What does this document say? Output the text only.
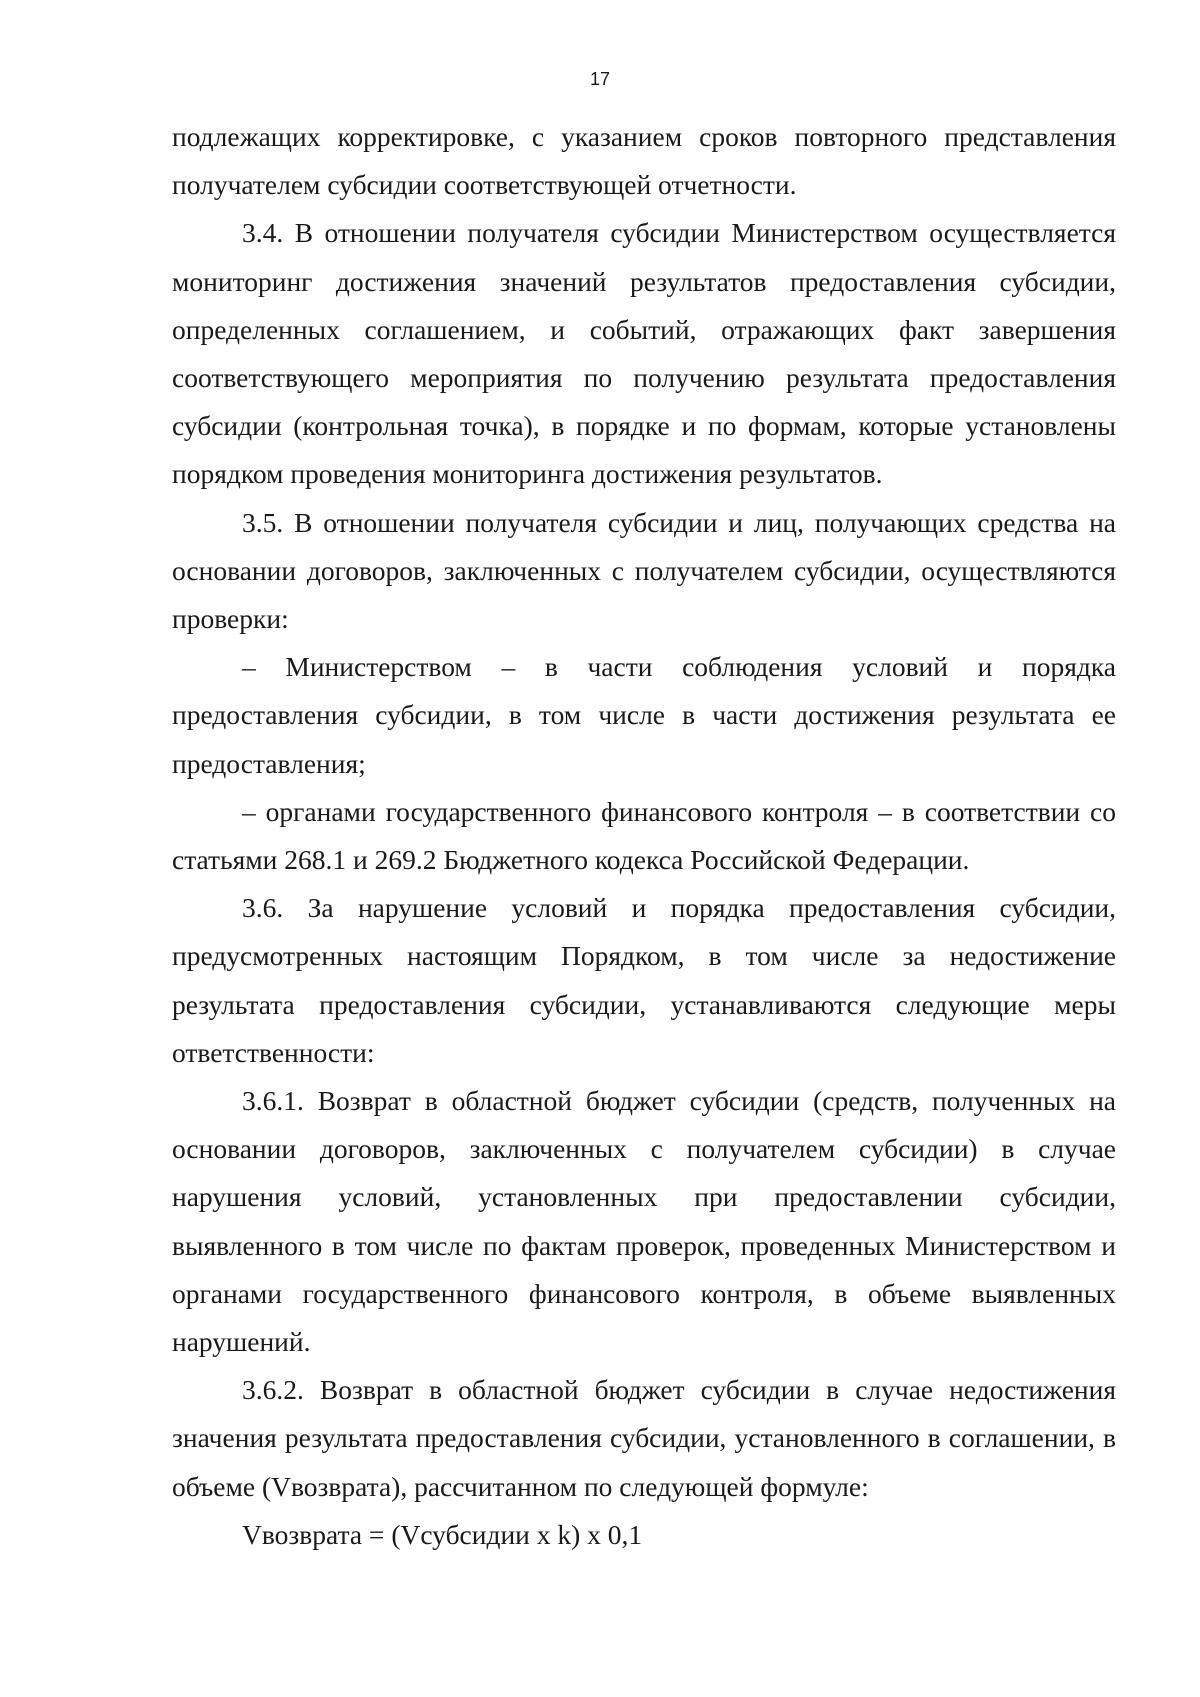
17

подлежащих корректировке, с указанием сроков повторного представления получателем субсидии соответствующей отчетности.

3.4. В отношении получателя субсидии Министерством осуществляется мониторинг достижения значений результатов предоставления субсидии, определенных соглашением, и событий, отражающих факт завершения соответствующего мероприятия по получению результата предоставления субсидии (контрольная точка), в порядке и по формам, которые установлены порядком проведения мониторинга достижения результатов.

3.5. В отношении получателя субсидии и лиц, получающих средства на основании договоров, заключенных с получателем субсидии, осуществляются проверки:

– Министерством – в части соблюдения условий и порядка предоставления субсидии, в том числе в части достижения результата ее предоставления;

– органами государственного финансового контроля – в соответствии со статьями 268.1 и 269.2 Бюджетного кодекса Российской Федерации.

3.6. За нарушение условий и порядка предоставления субсидии, предусмотренных настоящим Порядком, в том числе за недостижение результата предоставления субсидии, устанавливаются следующие меры ответственности:

3.6.1. Возврат в областной бюджет субсидии (средств, полученных на основании договоров, заключенных с получателем субсидии) в случае нарушения условий, установленных при предоставлении субсидии, выявленного в том числе по фактам проверок, проведенных Министерством и органами государственного финансового контроля, в объеме выявленных нарушений.

3.6.2. Возврат в областной бюджет субсидии в случае недостижения значения результата предоставления субсидии, установленного в соглашении, в объеме (Vвозврата), рассчитанном по следующей формуле:

Vвозврата = (Vсубсидии x k) x 0,1
